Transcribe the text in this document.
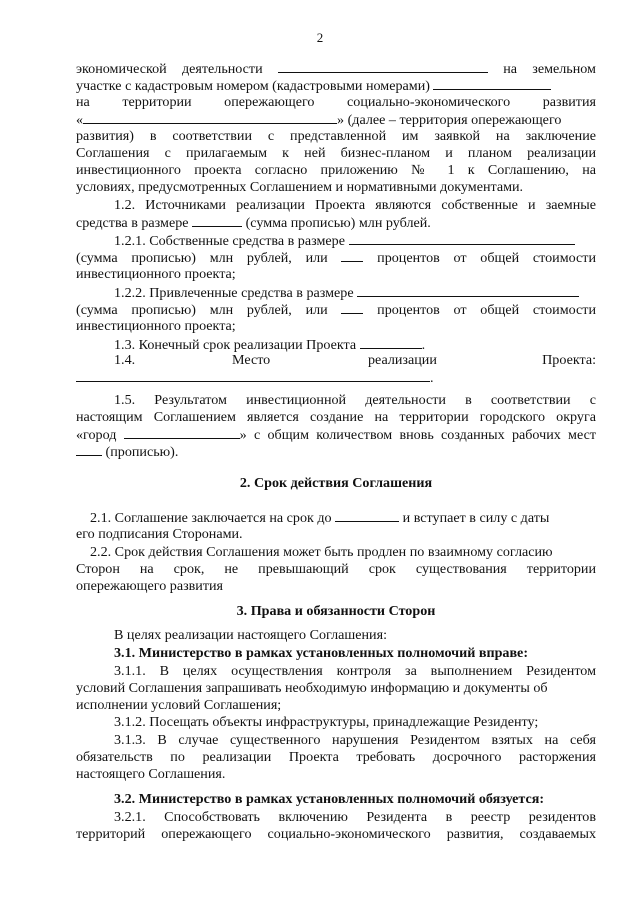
2
экономической деятельности	на земельном
участке с кадастровым номером (кадастровыми номерами)
на территории опережающего социально-экономического развития
«	» (далее – территория опережающего
развития) в соответствии с представленной им заявкой на заключение
Соглашения с прилагаемым к ней бизнес-планом и планом реализации
инвестиционного проекта согласно приложению № 1 к Соглашению, на
условиях, предусмотренных Соглашением и нормативными документами.
1.2. Источниками реализации Проекта являются собственные и заемные
средства в размере	(сумма прописью) млн рублей.
1.2.1. Собственные средства в размере
(сумма прописью) млн рублей, или	процентов от общей стоимости
инвестиционного проекта;
1.2.2. Привлеченные средства в размере
(сумма прописью) млн рублей, или	процентов от общей стоимости
инвестиционного проекта;
1.3. Конечный срок реализации Проекта	.
1.4.	Место	реализации	Проекта:
.
1.5. Результатом инвестиционной деятельности в соответствии с
настоящим Соглашением является создание на территории городского округа
«город	» с общим количеством вновь созданных рабочих мест
(прописью).
2. Срок действия Соглашения
2.1. Соглашение заключается на срок до	и вступает в силу с даты
его подписания Сторонами.
2.2. Срок действия Соглашения может быть продлен по взаимному согласию
Сторон на срок, не превышающий срок существования территории
опережающего развития
3. Права и обязанности Сторон
В целях реализации настоящего Соглашения:
3.1. Министерство в рамках установленных полномочий вправе:
3.1.1. В целях осуществления контроля за выполнением Резидентом
условий Соглашения запрашивать необходимую информацию и документы об
исполнении условий Соглашения;
3.1.2. Посещать объекты инфраструктуры, принадлежащие Резиденту;
3.1.3. В случае существенного нарушения Резидентом взятых на себя
обязательств по реализации Проекта требовать досрочного расторжения
настоящего Соглашения.
3.2. Министерство в рамках установленных полномочий обязуется:
3.2.1. Способствовать включению Резидента в реестр резидентов
территорий опережающего социально-экономического развития, создаваемых
